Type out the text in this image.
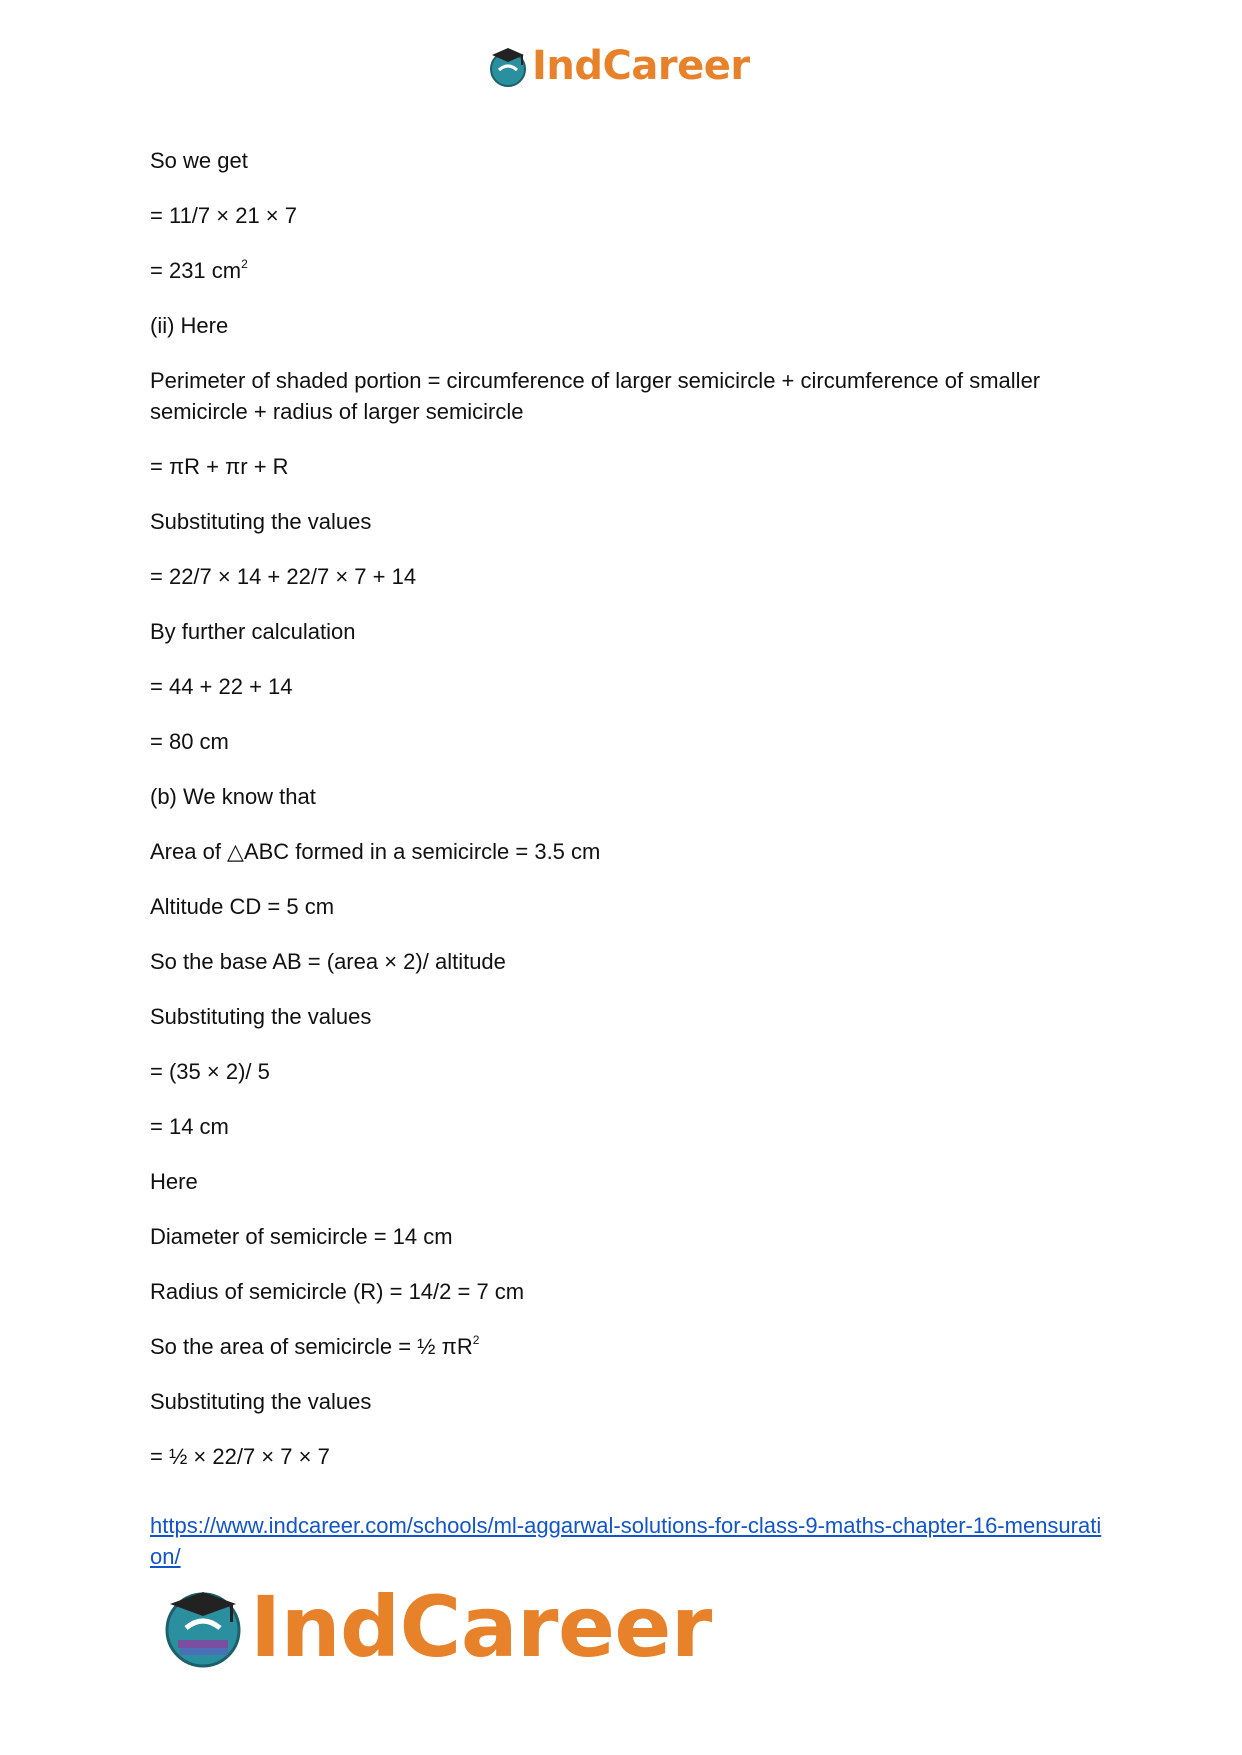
IndCareer

So we get

= 11/7 × 21 × 7

= 231 $cm^2$

(ii) Here

Perimeter of shaded portion = circumference of larger semicircle + circumference of smaller semicircle + radius of larger semicircle

= πR + πr + R

Substituting the values

= 22/7 × 14 + 22/7 × 7 + 14

By further calculation

= 44 + 22 + 14

= 80 cm

(b) We know that

Area of △ABC formed in a semicircle = 3.5 cm

Altitude CD = 5 cm

So the base AB = (area × 2)/ altitude

Substituting the values

= (35 × 2)/ 5

= 14 cm

Here

Diameter of semicircle = 14 cm

Radius of semicircle (R) = 14/2 = 7 cm

So the area of semicircle = ½ $\pi R^2$

Substituting the values

= ½ × 22/7 × 7 × 7

https://www.indcareer.com/schools/ml-aggarwal-solutions-for-class-9-maths-chapter-16-mensuration/
IndCareer
